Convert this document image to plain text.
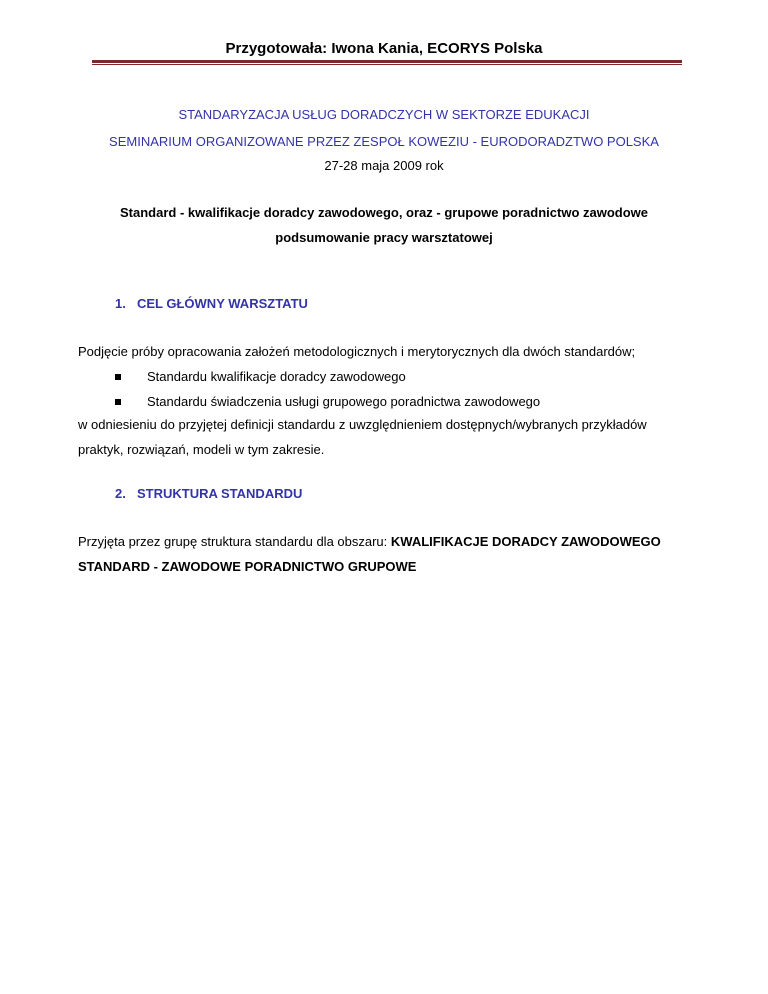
Przygotowała: Iwona Kania, ECORYS Polska
STANDARYZACJA USŁUG DORADCZYCH W SEKTORZE EDUKACJI
SEMINARIUM ORGANIZOWANE PRZEZ ZESPOŁ KOWEZIU - EURODORADZTWO POLSKA
27-28 maja 2009 rok
Standard - kwalifikacje doradcy zawodowego, oraz - grupowe poradnictwo zawodowe
podsumowanie pracy warsztatowej
1. CEL GŁÓWNY WARSZTATU
Podjęcie próby opracowania założeń metodologicznych i merytorycznych dla dwóch standardów;
Standardu kwalifikacje doradcy zawodowego
Standardu świadczenia usługi grupowego poradnictwa zawodowego
w odniesieniu do przyjętej definicji standardu z uwzględnieniem dostępnych/wybranych przykładów
praktyk, rozwiązań, modeli w tym zakresie.
2. STRUKTURA STANDARDU
Przyjęta przez grupę struktura standardu dla obszaru: KWALIFIKACJE DORADCY ZAWODOWEGO
STANDARD - ZAWODOWE PORADNICTWO GRUPOWE
